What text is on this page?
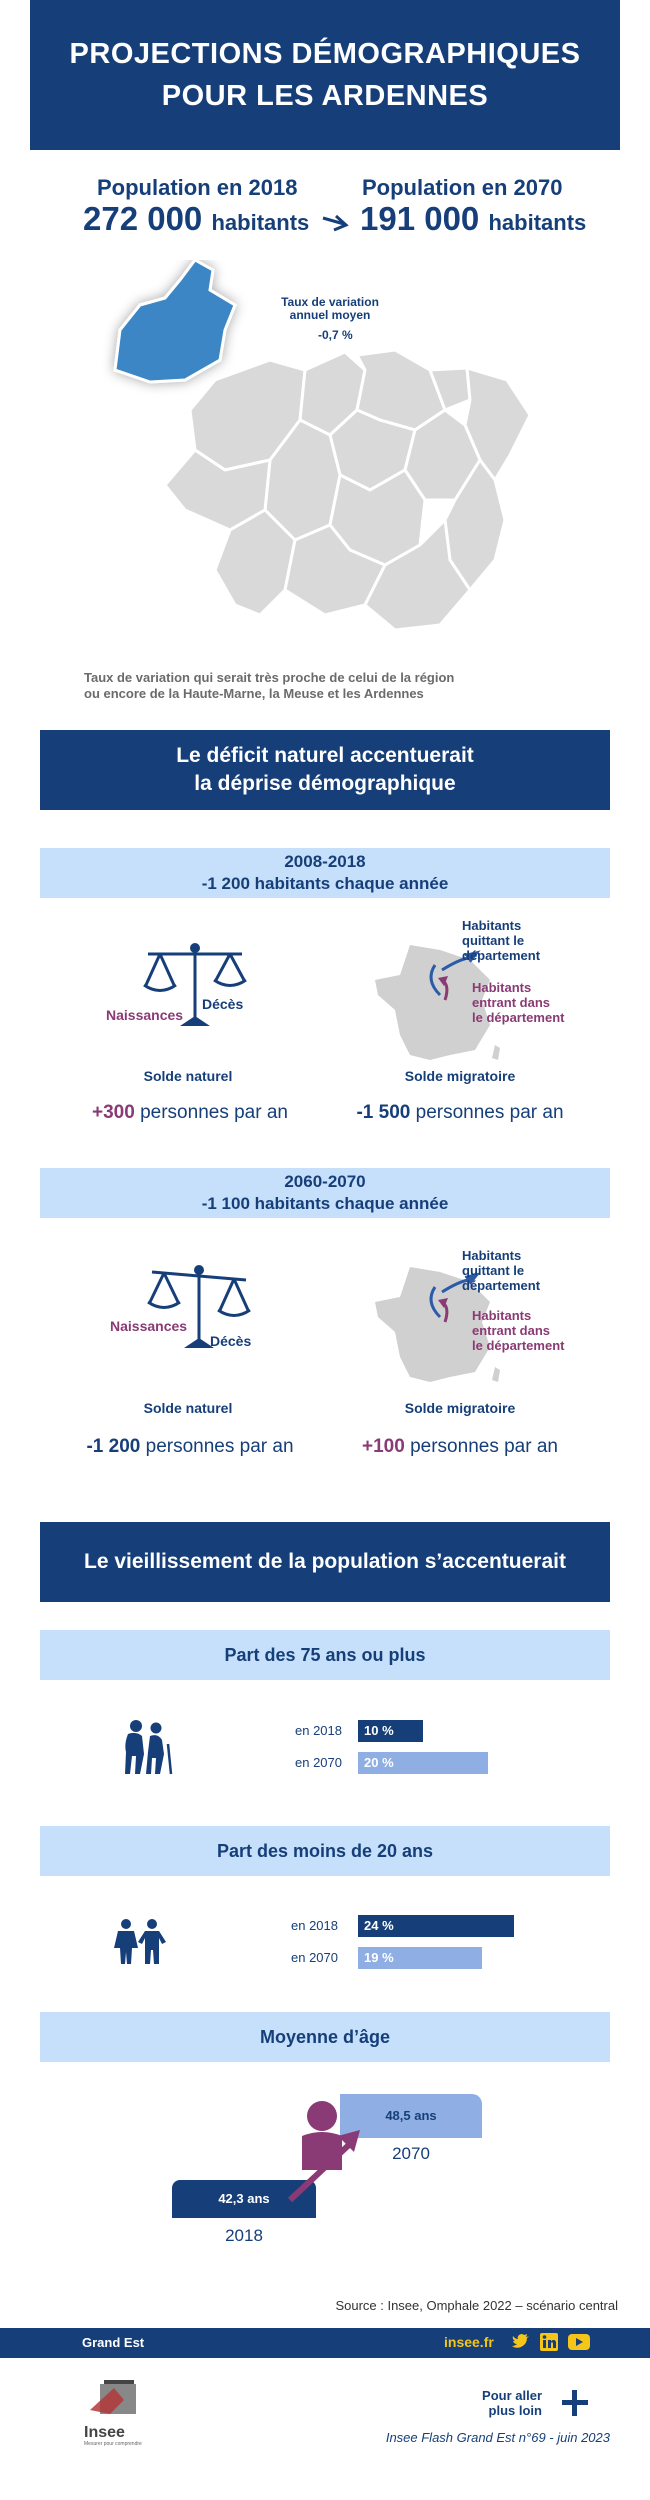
PROJECTIONS DÉMOGRAPHIQUES
POUR LES ARDENNES
Population en 2018
272 000 habitants
Population en 2070
191 000 habitants
Taux de variation
annuel moyen
-0,7 %
Taux de variation qui serait très proche de celui de la région
ou encore de la Haute-Marne, la Meuse et les Ardennes
Le déficit naturel accentuerait
la déprise démographique
2008-2018
-1 200 habitants chaque année
Naissances
Décès
Habitants
quittant le
département
Habitants
entrant dans
le département
Solde naturel	Solde migratoire
+300 personnes par an	-1 500 personnes par an
2060-2070
-1 100 habitants chaque année
Naissances
Décès
Habitants
quittant le
département
Habitants
entrant dans
le département
Solde naturel	Solde migratoire
-1 200 personnes par an	+100 personnes par an
Le vieillissement de la population s’accentuerait
Part des 75 ans ou plus
en 2018	10 %
en 2070	20 %
Part des moins de 20 ans
en 2018	24 %
en 2070	19 %
Moyenne d’âge
42,3 ans
2018
48,5 ans
2070
Source : Insee, Omphale 2022 – scénario central
Grand Est	insee.fr
Insee
Mesurer pour comprendre
Pour aller
plus loin
Insee Flash Grand Est n°69 - juin 2023
